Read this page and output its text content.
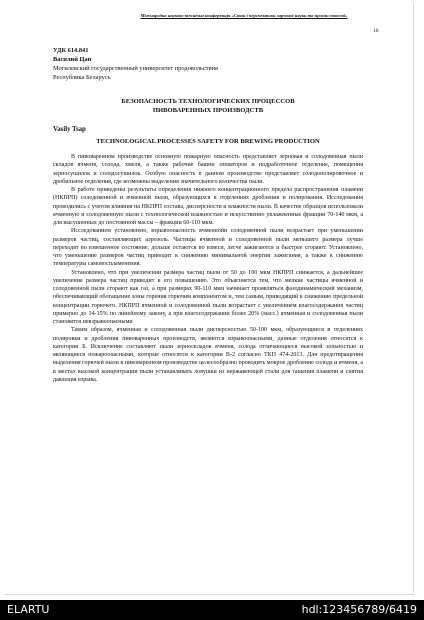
Міжнародна науково-технічна конференція «Стан і перспективи харчової науки та промисловості»
16
УДК 614.841
Василий Цап
Могилевский государственный университет продовольствия
Республика Беларусь
БЕЗОПАСНОСТЬ ТЕХНОЛОГИЧЕСКИХ ПРОЦЕССОВ
ПИВОВАРЕННЫХ ПРОИЗВОДСТВ
Vasily Tsap
TECHNOLOGICAL PROCESSES SAFETY FOR BREWING PRODUCTION

В пивоваренном производстве основную пожарную опасность представляет зерновая и солодовенная пыли складов ячменя, солода, хмеля, а также рабочие башни элеваторов и подработочное отделение, помещения зерносушилок и солодосушилок. Особую опасность в данном производстве представляет солодополировочное и дробильное отделения, где возможны выделения значительного количества пыли.

В работе приведены результаты определения нижнего концентрационного предела распространения пламени (НКПРП) солодовенной и ячменной пыли, образующихся в отделениях дробления и полирования. Исследования проводились с учетом влияния на НКПРП состава, дисперсности и влажности пыли. В качестве образцов использовали ячменную и солодовенную пыли с технологической влажностью и искусственно увлажненные фракции 70-140 мкм, а для высушенных до постоянной массы – фракции 60-110 мкм.

Исследованием установлено, взрывоопасность ячменнойи солодовенной пыли возрастает при уменьшении размеров частиц, составляющих аэрозоль. Частицы ячменной и солодовенной пыли меньшего размера лучше переходят во взвешенное состояние, дольше остаются во взвеси, легче зажигаются и быстрее сгорают. Установлено, что уменьшение размеров частиц приводит к снижению минимальной энергии зажигания, а также к снижению температуры самовоспламенения.

Установлено, что при увеличении размера частиц пыли от 50 до 100 мкм НКПРП снижается, а дальнейшее увеличение размера частиц приводит к его повышению. Это объясняется тем, что мелкие частицы ячменной и солодовенной пыли сгорают как газ, а при размерах 90-110 мкм начинает проявляться фазодинамический механизм, обеспечивающий обогащение зоны горения горючим компонентом и, тем самым, приводящий к снижению предельной концентрации горючего. НКПРП ячменной и солодовенной пыли возрастает с увеличением влагосодержания частиц примерно до 14-15% по линейному закону, а при влагосодержании более 20% (масс.) ячменная и солодовенная пыли становятся невзрывоопасными

Таким образом, ячменная и солодовенная пыли дисперсностью 50-100 мкм, образующиеся в отделениях полировки и дробления пивоваренных производств, являются взрывоопасными, данные отделения относятся к категории Б. Исключение составляют пыли зерноскладов ячменя, солода отличающиеся высокой зольностью и являющиеся пожароопасными, которые относятся к категории В-2 согласно ТКП 474-2013. Для предотвращения выделения горючей пыли в пивоваренном производстве целесообразно проводить мокрое дробление солода и ячменя, а в местах высокой концентрации пыли устанавливать ловушки из нержавеющей стали для гашения пламени и снятия давления взрыва.

ELARTU	hdl:123456789/6419
